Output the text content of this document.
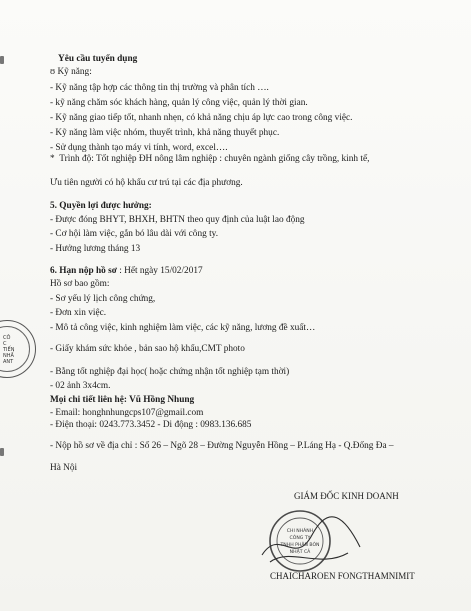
Yêu cầu tuyển dụng
ʊ Kỹ năng:
- Kỹ năng tập hợp các thông tin thị trường và phân tích ….
- kỹ năng chăm sóc khách hàng, quản lý công việc, quản lý thời gian.
- Kỹ năng giao tiếp tốt, nhanh nhẹn, có khả năng chịu áp lực cao trong công việc.
- Kỹ năng làm việc nhóm, thuyết trình, khả năng thuyết phục.
- Sử dụng thành tạo máy vi tính, word, excel….
*  Trình độ: Tốt nghiệp ĐH nông lâm nghiệp : chuyên ngành giống cây trồng, kinh tế,
Ưu tiên người có hộ khẩu cư trú tại các địa phương.
5. Quyền lợi được hưởng:
- Được đóng BHYT, BHXH, BHTN theo quy định của luật lao động
- Cơ hội làm việc, gắn bó lâu dài với công ty.
- Hưởng lương tháng 13
6. Hạn nộp hồ sơ : Hết ngày 15/02/2017
Hồ sơ bao gồm:
- Sơ yếu lý lịch công chứng,
- Đơn xin việc.
- Mô tả công việc, kinh nghiệm làm việc, các kỹ năng, lương đề xuất…
- Giấy khám sức khỏe , bản sao hộ khẩu,CMT photo
- Bằng tốt nghiệp đại học( hoặc chứng nhận tốt nghiệp tạm thời)
- 02 ảnh 3x4cm.
Mọi chi tiết liên hệ: Vũ Hồng Nhung
- Email: honghnhungcps107@gmail.com
- Điện thoại: 0243.773.3452 - Di động : 0983.136.685
- Nộp hồ sơ về địa chỉ : Số 26 – Ngõ 28 – Đường Nguyễn Hồng – P.Láng Hạ - Q.Đống Đa –
Hà Nội
GIÁM ĐỐC KINH DOANH
CHI NHÁNH
CÔNG TY
TNHH PHÂN BÓN
NHẬT CẢ
CHAICHAROEN FONGTHAMNIMIT
CÔ
C
TIẾN
NHẤ
ANT
